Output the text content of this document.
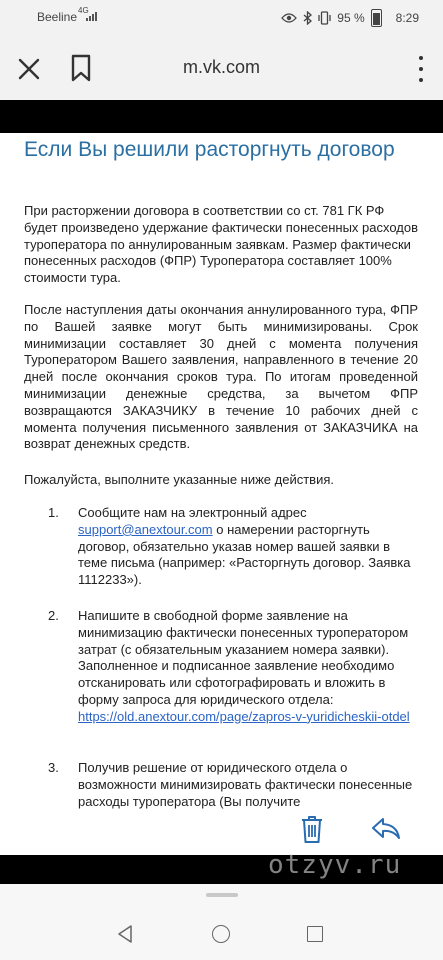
Beeline 4G
95 %	8:29
m.vk.com
Если Вы решили расторгнуть договор

При расторжении договора в соответствии со ст. 781 ГК РФ будет произведено удержание фактически понесенных расходов туроператора по аннулированным заявкам. Размер фактически понесенных расходов (ФПР) Туроператора составляет 100% стоимости тура.

После наступления даты окончания аннулированного тура, ФПР по Вашей заявке могут быть минимизированы. Срок минимизации составляет 30 дней с момента получения Туроператором Вашего заявления, направленного в течение 20 дней после окончания сроков тура. По итогам проведенной минимизации денежные средства, за вычетом ФПР возвращаются ЗАКАЗЧИКУ в течение 10 рабочих дней с момента получения письменного заявления от ЗАКАЗЧИКА на возврат денежных средств.

Пожалуйста, выполните указанные ниже действия.

1.	Сообщите нам на электронный адрес support@anextour.com о намерении расторгнуть договор, обязательно указав номер вашей заявки в теме письма (например: «Расторгнуть договор. Заявка 1112233»).
2.	Напишите в свободной форме заявление на минимизацию фактически понесенных туроператором затрат (с обязательным указанием номера заявки). Заполненное и подписанное заявление необходимо отсканировать или сфотографировать и вложить в форму запроса для юридического отдела: https://old.anextour.com/page/zapros-v-yuridicheskii-otdel
3.	Получив решение от юридического отдела о возможности минимизировать фактически понесенные расходы туроператора (Вы получите
otzyv.ru
